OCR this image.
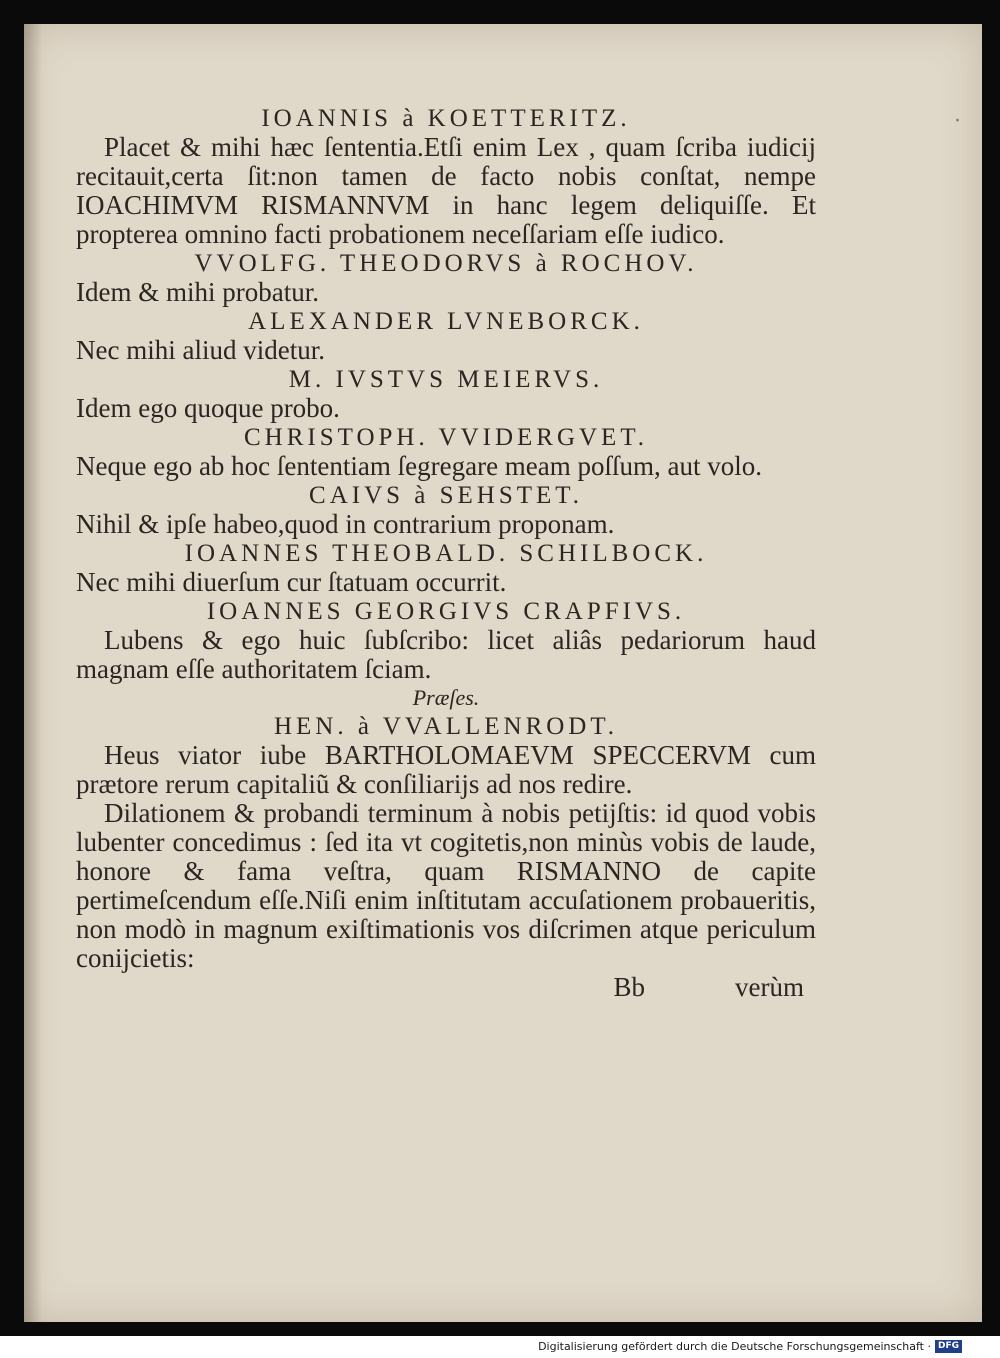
IOANNIS à KOETTERITZ.

Placet & mihi hæc ſententia.Etſi enim Lex , quam ſcriba iudicij recitauit,certa ſit:non tamen de facto nobis conſtat, nempe IOACHIMVM RISMANNVM in hanc legem deliquiſſe. Et propterea omnino facti probationem neceſſariam eſſe iudico.

VVOLFG. THEODORVS à ROCHOV.

Idem & mihi probatur.

ALEXANDER LVNEBORCK.

Nec mihi aliud videtur.

M. IVSTVS MEIERVS.

Idem ego quoque probo.

CHRISTOPH. VVIDERGVET.

Neque ego ab hoc ſententiam ſegregare meam poſſum, aut volo.

CAIVS à SEHSTET.

Nihil & ipſe habeo,quod in contrarium proponam.

IOANNES THEOBALD. SCHILBOCK.

Nec mihi diuerſum cur ſtatuam occurrit.

IOANNES GEORGIVS CRAPFIVS.

Lubens & ego huic ſubſcribo: licet aliâs pedariorum haud magnam eſſe authoritatem ſciam.

Præſes.

HEN. à VVALLENRODT.

Heus viator iube BARTHOLOMAEVM SPECCERVM cum prætore rerum capitaliũ & conſiliarijs ad nos redire.

Dilationem & probandi terminum à nobis petijſtis: id quod vobis lubenter concedimus : ſed ita vt cogitetis,non minùs vobis de laude, honore & fama veſtra, quam RISMANNO de capite pertimeſcendum eſſe.Niſi enim inſtitutam accuſationem probaueritis, non modò in magnum exiſtimationis vos diſcrimen atque periculum conijcietis:

Bb	verùm
·
Digitalisierung gefördert durch die Deutsche Forschungsgemeinschaft · DFG
